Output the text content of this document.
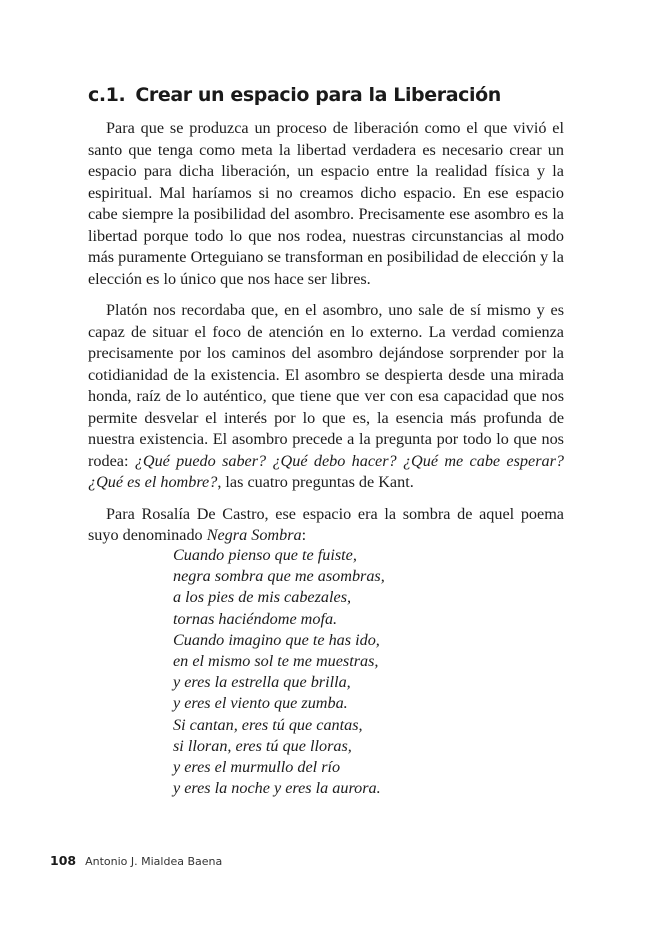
c.1. Crear un espacio para la Liberación

Para que se produzca un proceso de liberación como el que vivió el santo que tenga como meta la libertad verdadera es necesario crear un espacio para dicha liberación, un espacio entre la realidad física y la espiritual. Mal haríamos si no creamos dicho espacio. En ese espacio cabe siempre la posibilidad del asombro. Precisamente ese asombro es la libertad porque todo lo que nos rodea, nuestras circunstancias al modo más puramente Orteguiano se transforman en posibilidad de elección y la elección es lo único que nos hace ser libres.

Platón nos recordaba que, en el asombro, uno sale de sí mismo y es capaz de situar el foco de atención en lo externo. La verdad comienza precisamente por los caminos del asombro dejándose sorprender por la cotidianidad de la existencia. El asombro se despierta desde una mirada honda, raíz de lo auténtico, que tiene que ver con esa capacidad que nos permite desvelar el interés por lo que es, la esencia más profunda de nuestra existencia. El asombro precede a la pregunta por todo lo que nos rodea: ¿Qué puedo saber? ¿Qué debo hacer? ¿Qué me cabe esperar? ¿Qué es el hombre?, las cuatro preguntas de Kant.

Para Rosalía De Castro, ese espacio era la sombra de aquel poema suyo denominado Negra Sombra:

Cuando pienso que te fuiste,
negra sombra que me asombras,
a los pies de mis cabezales,
tornas haciéndome mofa.
Cuando imagino que te has ido,
en el mismo sol te me muestras,
y eres la estrella que brilla,
y eres el viento que zumba.
Si cantan, eres tú que cantas,
si lloran, eres tú que lloras,
y eres el murmullo del río
y eres la noche y eres la aurora.
108 Antonio J. Mialdea Baena
